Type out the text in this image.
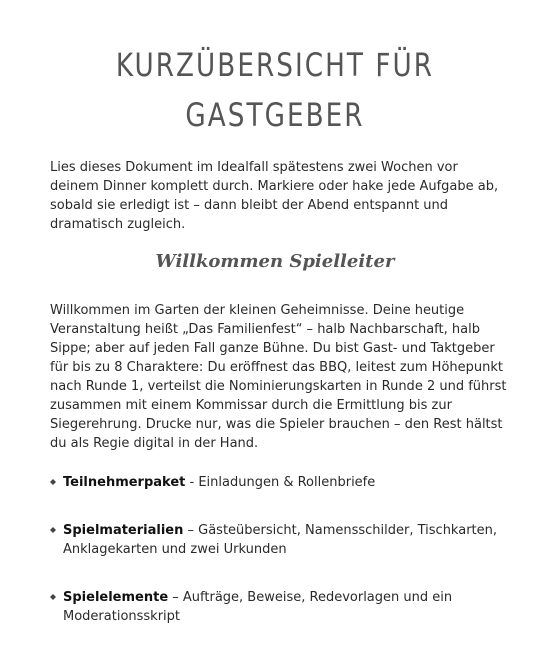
KURZÜBERSICHT FÜR
GASTGEBER

Lies dieses Dokument im Idealfall spätestens zwei Wochen vor deinem Dinner komplett durch. Markiere oder hake jede Aufgabe ab, sobald sie erledigt ist – dann bleibt der Abend entspannt und dramatisch zugleich.

Willkommen Spielleiter

Willkommen im Garten der kleinen Geheimnisse. Deine heutige Veranstaltung heißt „Das Familienfest“ – halb Nachbarschaft, halb Sippe; aber auf jeden Fall ganze Bühne. Du bist Gast- und Taktgeber für bis zu 8 Charaktere: Du eröffnest das BBQ, leitest zum Höhepunkt nach Runde 1, verteilst die Nominierungskarten in Runde 2 und führst zusammen mit einem Kommissar durch die Ermittlung bis zur Siegerehrung. Drucke nur, was die Spieler brauchen – den Rest hältst du als Regie digital in der Hand.

Teilnehmerpaket - Einladungen & Rollenbriefe
Spielmaterialien – Gästeübersicht, Namensschilder, Tischkarten, Anklagekarten und zwei Urkunden
Spielelemente – Aufträge, Beweise, Redevorlagen und ein Moderationsskript
